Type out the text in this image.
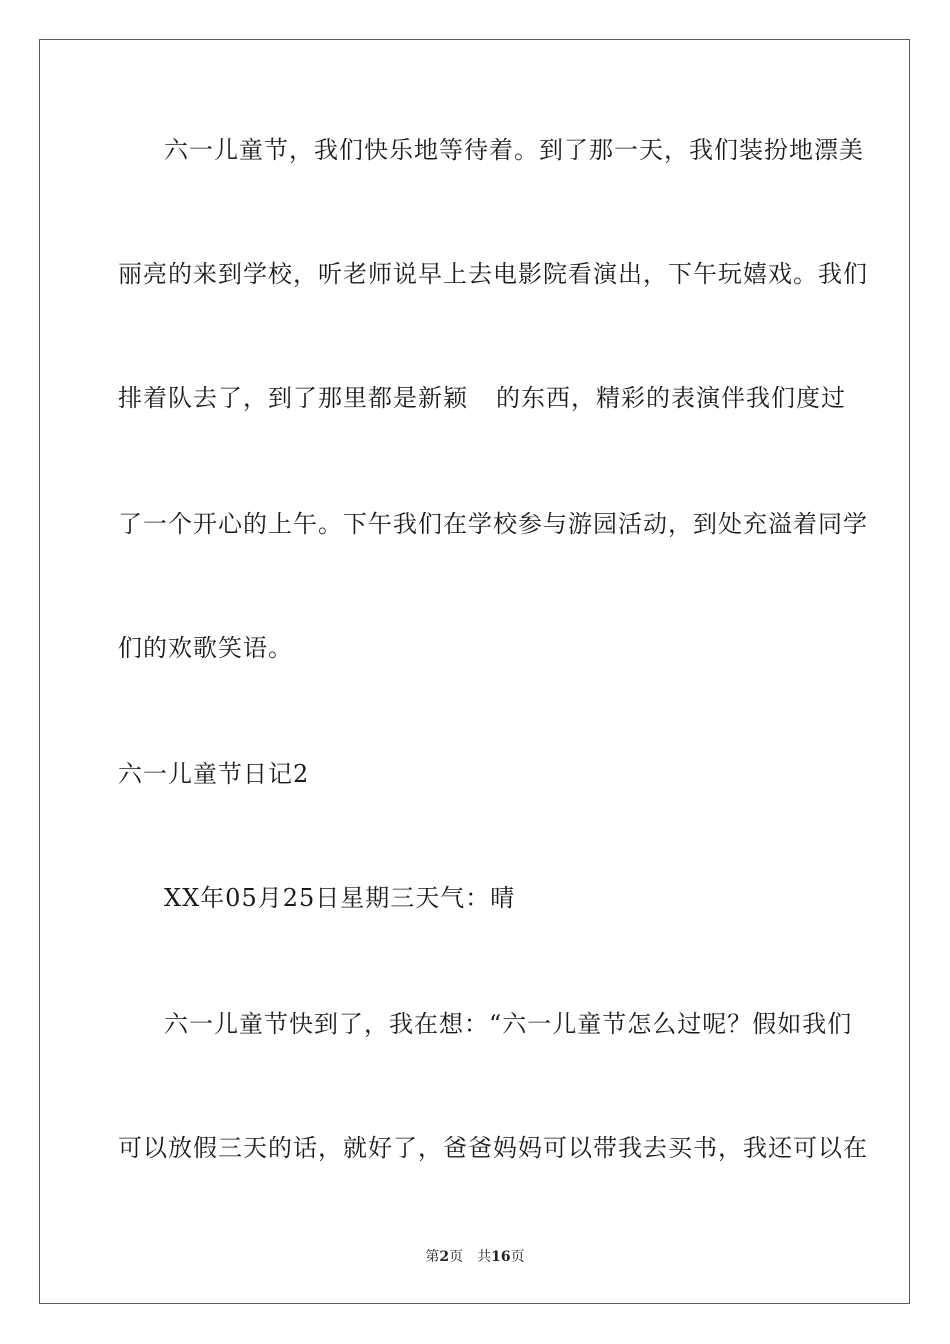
六一儿童节，我们快乐地等待着。到了那一天，我们装扮地漂美
丽亮的来到学校，听老师说早上去电影院看演出，下午玩嬉戏。我们
排着队去了，到了那里都是新颖 的东西，精彩的表演伴我们度过
了一个开心的上午。下午我们在学校参与游园活动，到处充溢着同学
们的欢歌笑语。
六一儿童节日记2
XX年05月25日星期三天气：晴
六一儿童节快到了，我在想：“六一儿童节怎么过呢？假如我们
可以放假三天的话，就好了，爸爸妈妈可以带我去买书，我还可以在
第2页 共16页
